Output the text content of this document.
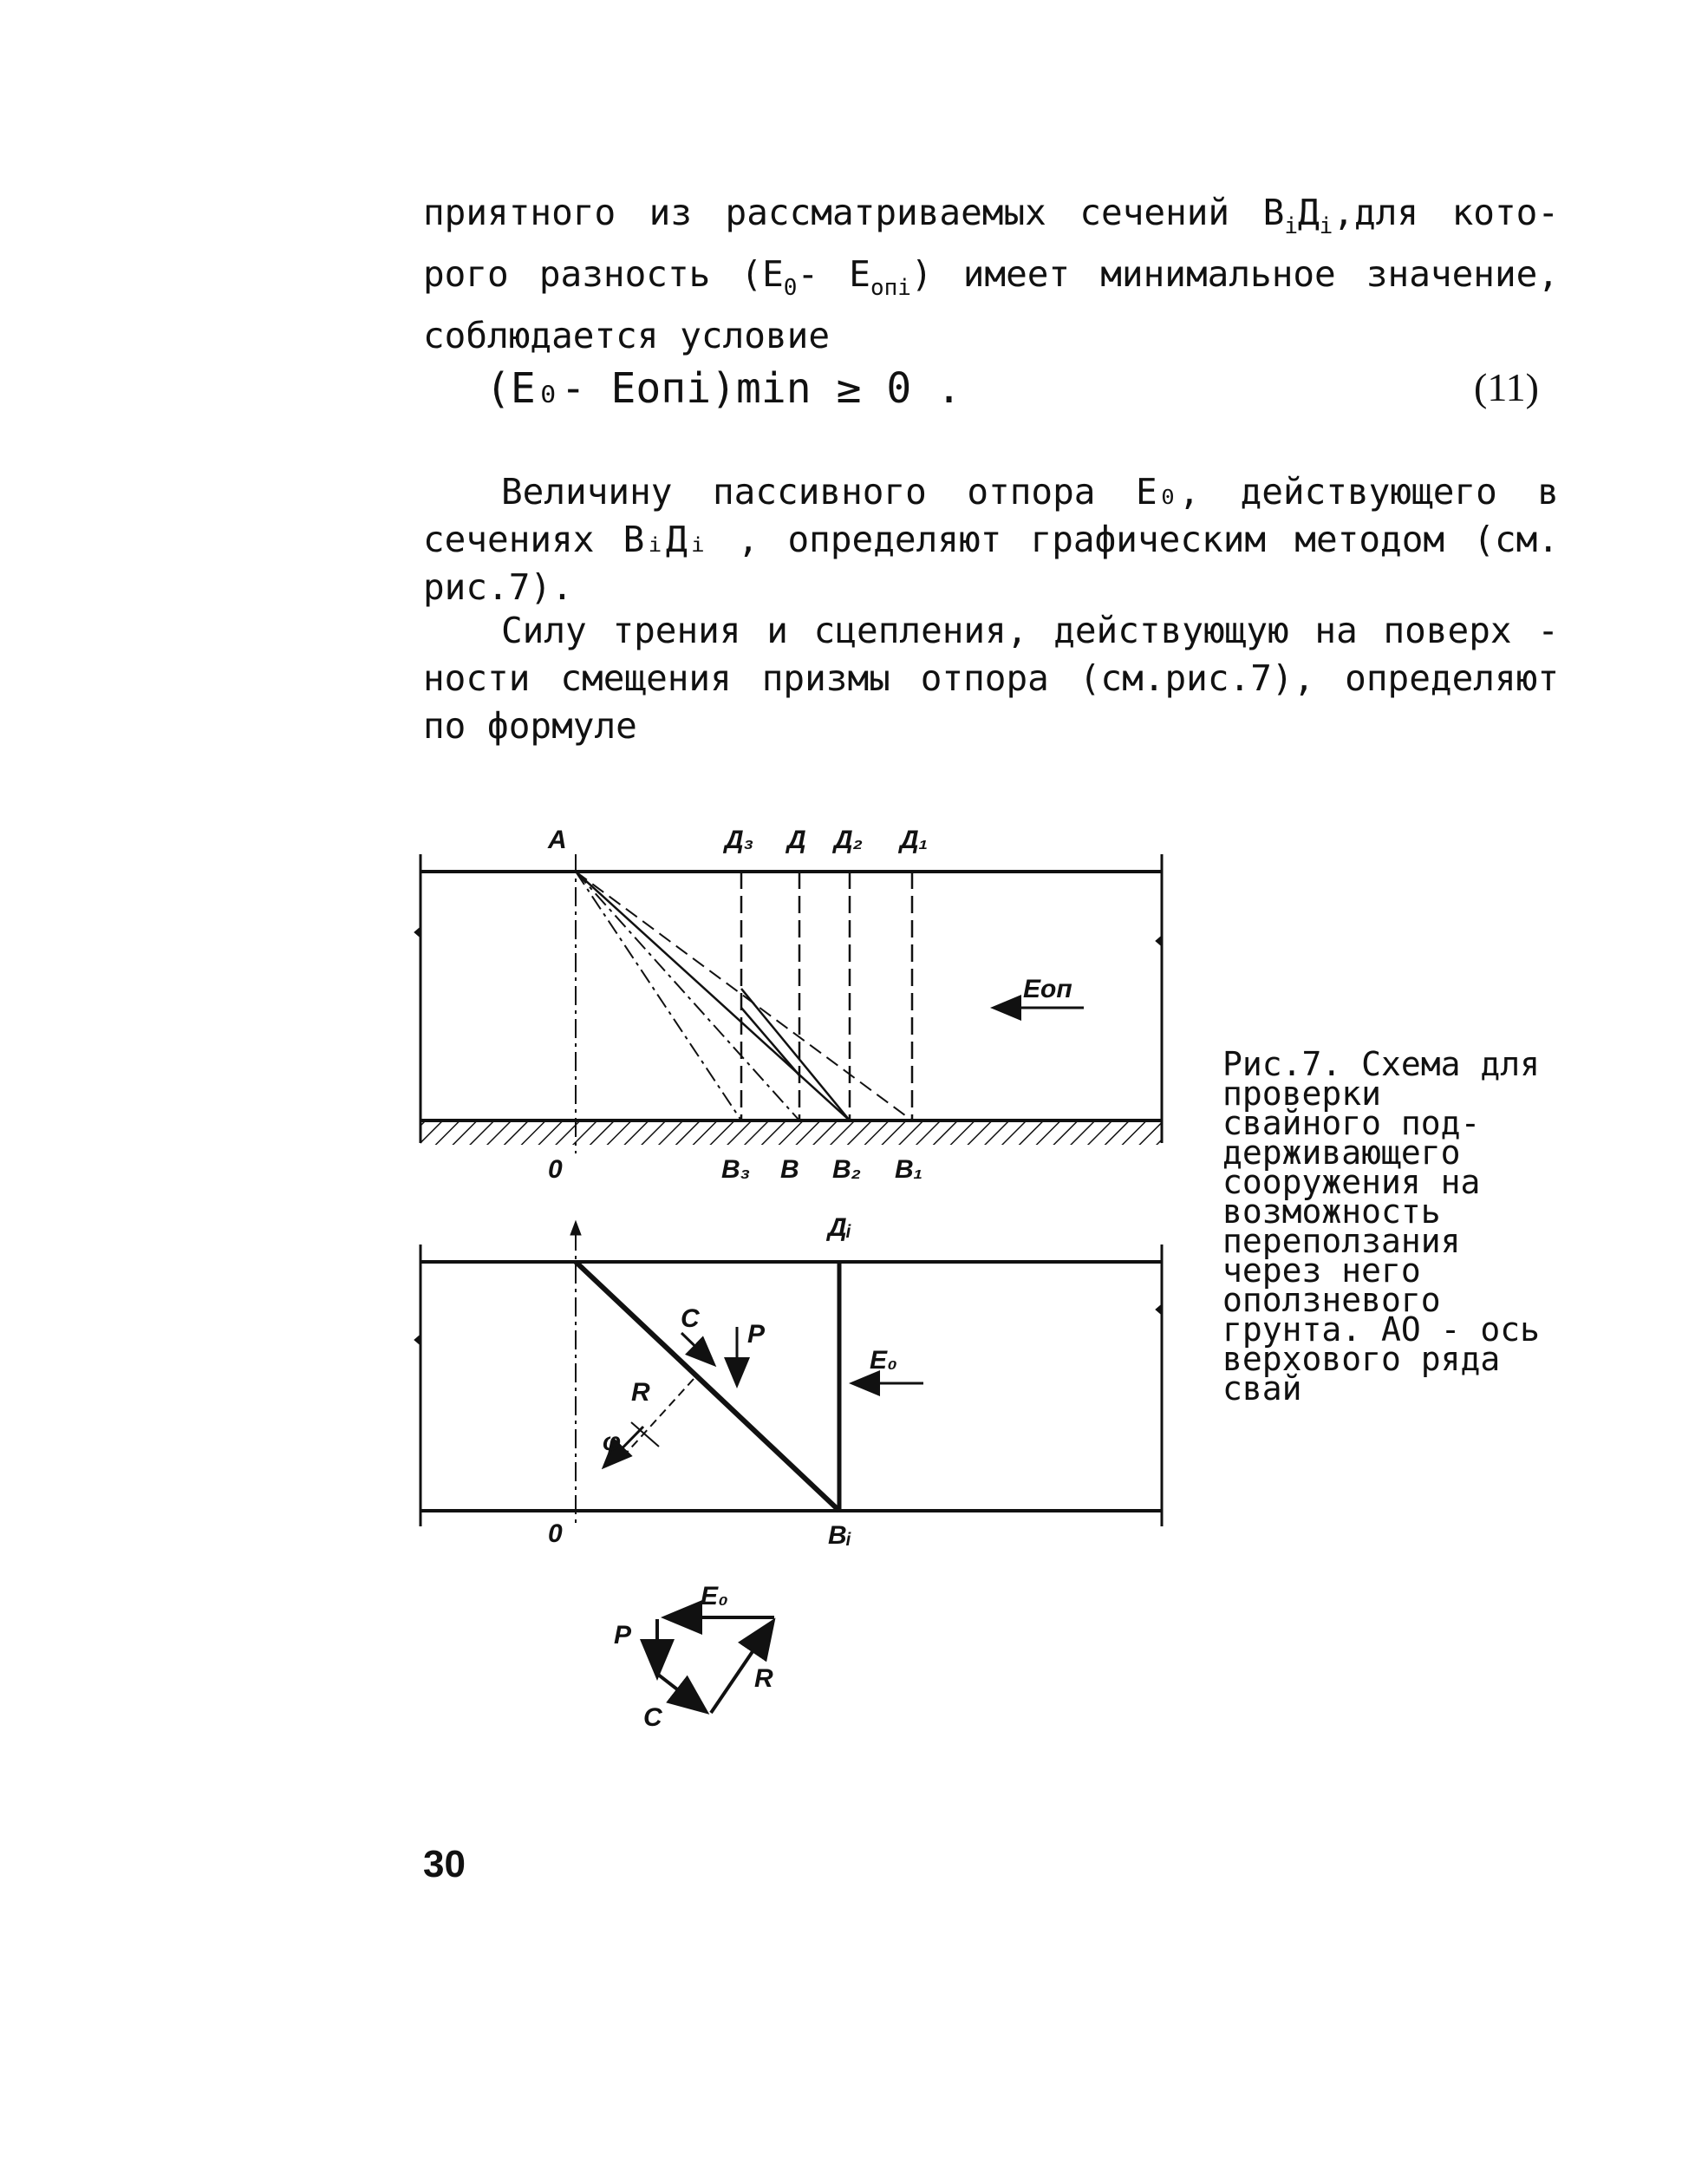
приятного из рассматриваемых сечений $B_iД_i,для$ кото-рого разность ($E_0-$ $E_{опi}$) имеет минимальное значение, соблюдается условие
(E₀- Eопi)min ≥ 0 .	(11)
Величину пассивного отпора E₀, действующего в сечениях BᵢДᵢ , определяют графическим методом (см. рис.7).
Силу трения и сцепления, действующую на поверх - ности смещения призмы отпора (см.рис.7), определяют по формуле
A	Д₃ Д Д₂ Д₁
Eоп
0	B₃ B B₂ B₁
Дᵢ
C
P
E₀
R
φ
0	Bᵢ
E₀
P
R
C
Рис.7. Схема для проверки свайного под-держивающего сооружения на возможность переползания через него оползневого грунта. АО - ось верхового ряда свай
30
